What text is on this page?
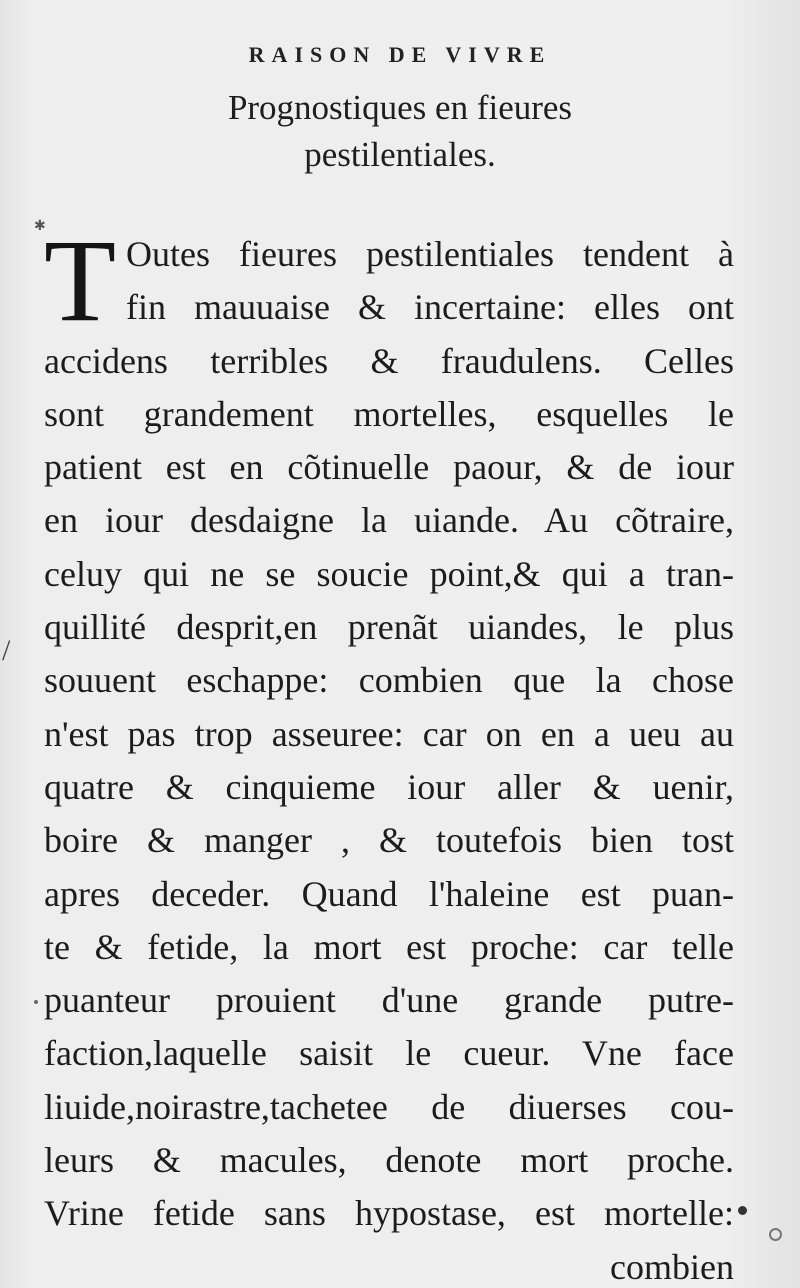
RAISON DE VIVRE
Prognostiques en fieures
pestilentiales.
✱
T Outes fieures pestilentiales tendent à
fin mauuaise & incertaine: elles ont
accidens terribles & fraudulens. Celles
sont grandement mortelles, esquelles le
patient est en cõtinuelle paour, & de iour
en iour desdaigne la uiande. Au cõtraire,
celuy qui ne se soucie point,& qui a tran-
quillité desprit,en prenãt uiandes, le plus
souuent eschappe: combien que la chose
n'est pas trop asseuree: car on en a ueu au
quatre & cinquieme iour aller & uenir,
boire & manger , & toutefois bien tost
apres deceder. Quand l'haleine est puan-
te & fetide, la mort est proche: car telle
puanteur prouient d'une grande putre-
faction,laquelle saisit le cueur. Vne face
liuide,noirastre,tachetee de diuerses cou-
leurs & macules, denote mort proche.
Vrine fetide sans hypostase, est mortelle:
combien
/
